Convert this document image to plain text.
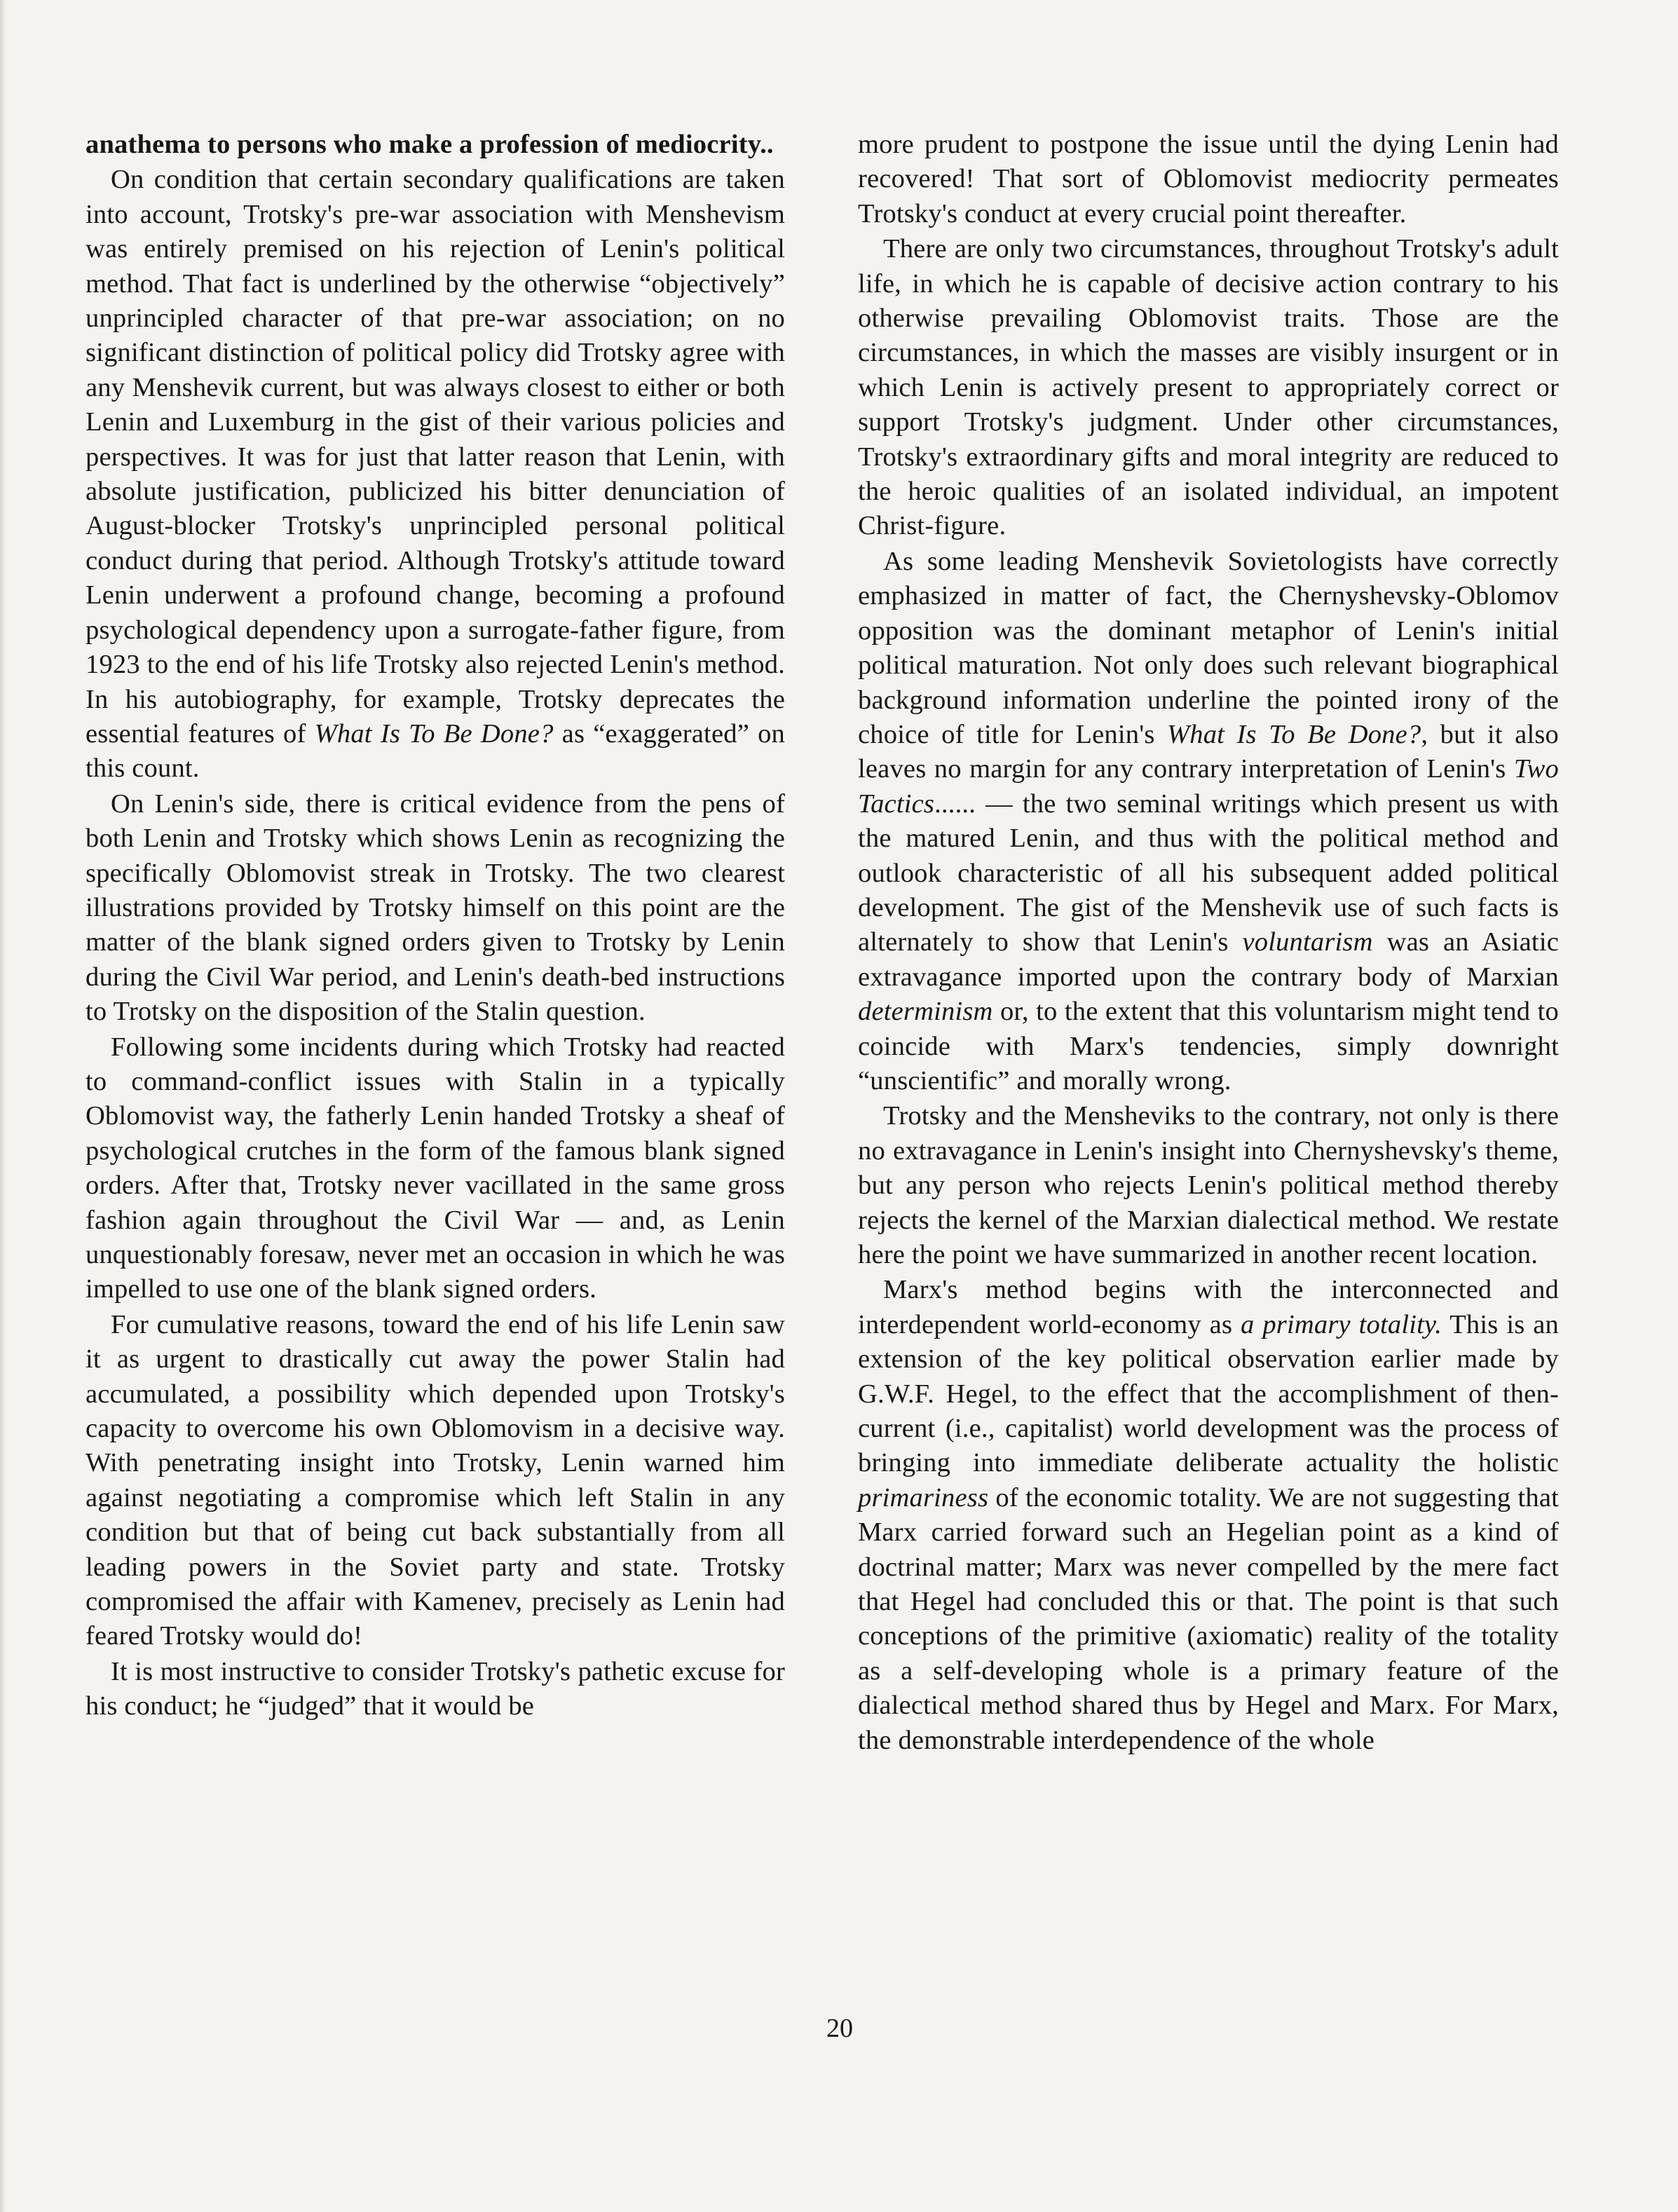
anathema to persons who make a profession of mediocrity..

On condition that certain secondary qualifications are taken into account, Trotsky's pre-war association with Menshevism was entirely premised on his rejection of Lenin's political method. That fact is underlined by the otherwise “objectively” unprincipled character of that pre-war association; on no significant distinction of political policy did Trotsky agree with any Menshevik current, but was always closest to either or both Lenin and Luxemburg in the gist of their various policies and perspectives. It was for just that latter reason that Lenin, with absolute justification, publicized his bitter denunciation of August-blocker Trotsky's unprincipled personal political conduct during that period. Although Trotsky's attitude toward Lenin underwent a profound change, becoming a profound psychological dependency upon a surrogate-father figure, from 1923 to the end of his life Trotsky also rejected Lenin's method. In his autobiography, for example, Trotsky deprecates the essential features of What Is To Be Done? as “exaggerated” on this count.

On Lenin's side, there is critical evidence from the pens of both Lenin and Trotsky which shows Lenin as recognizing the specifically Oblomovist streak in Trotsky. The two clearest illustrations provided by Trotsky himself on this point are the matter of the blank signed orders given to Trotsky by Lenin during the Civil War period, and Lenin's death-bed instructions to Trotsky on the disposition of the Stalin question.

Following some incidents during which Trotsky had reacted to command-conflict issues with Stalin in a typically Oblomovist way, the fatherly Lenin handed Trotsky a sheaf of psychological crutches in the form of the famous blank signed orders. After that, Trotsky never vacillated in the same gross fashion again throughout the Civil War — and, as Lenin unquestionably foresaw, never met an occasion in which he was impelled to use one of the blank signed orders.

For cumulative reasons, toward the end of his life Lenin saw it as urgent to drastically cut away the power Stalin had accumulated, a possibility which depended upon Trotsky's capacity to overcome his own Oblomovism in a decisive way. With penetrating insight into Trotsky, Lenin warned him against negotiating a compromise which left Stalin in any condition but that of being cut back substantially from all leading powers in the Soviet party and state. Trotsky compromised the affair with Kamenev, precisely as Lenin had feared Trotsky would do!

It is most instructive to consider Trotsky's pathetic excuse for his conduct; he “judged” that it would be

more prudent to postpone the issue until the dying Lenin had recovered! That sort of Oblomovist mediocrity permeates Trotsky's conduct at every crucial point thereafter.

There are only two circumstances, throughout Trotsky's adult life, in which he is capable of decisive action contrary to his otherwise prevailing Oblomovist traits. Those are the circumstances, in which the masses are visibly insurgent or in which Lenin is actively present to appropriately correct or support Trotsky's judgment. Under other circumstances, Trotsky's extraordinary gifts and moral integrity are reduced to the heroic qualities of an isolated individual, an impotent Christ-figure.

As some leading Menshevik Sovietologists have correctly emphasized in matter of fact, the Chernyshevsky-Oblomov opposition was the dominant metaphor of Lenin's initial political maturation. Not only does such relevant biographical background information underline the pointed irony of the choice of title for Lenin's What Is To Be Done?, but it also leaves no margin for any contrary interpretation of Lenin's Two Tactics...... — the two seminal writings which present us with the matured Lenin, and thus with the political method and outlook characteristic of all his subsequent added political development. The gist of the Menshevik use of such facts is alternately to show that Lenin's voluntarism was an Asiatic extravagance imported upon the contrary body of Marxian determinism or, to the extent that this voluntarism might tend to coincide with Marx's tendencies, simply downright “unscientific” and morally wrong.

Trotsky and the Mensheviks to the contrary, not only is there no extravagance in Lenin's insight into Chernyshevsky's theme, but any person who rejects Lenin's political method thereby rejects the kernel of the Marxian dialectical method. We restate here the point we have summarized in another recent location.

Marx's method begins with the interconnected and interdependent world-economy as a primary totality. This is an extension of the key political observation earlier made by G.W.F. Hegel, to the effect that the accomplishment of then-current (i.e., capitalist) world development was the process of bringing into immediate deliberate actuality the holistic primariness of the economic totality. We are not suggesting that Marx carried forward such an Hegelian point as a kind of doctrinal matter; Marx was never compelled by the mere fact that Hegel had concluded this or that. The point is that such conceptions of the primitive (axiomatic) reality of the totality as a self-developing whole is a primary feature of the dialectical method shared thus by Hegel and Marx. For Marx, the demonstrable interdependence of the whole

20
